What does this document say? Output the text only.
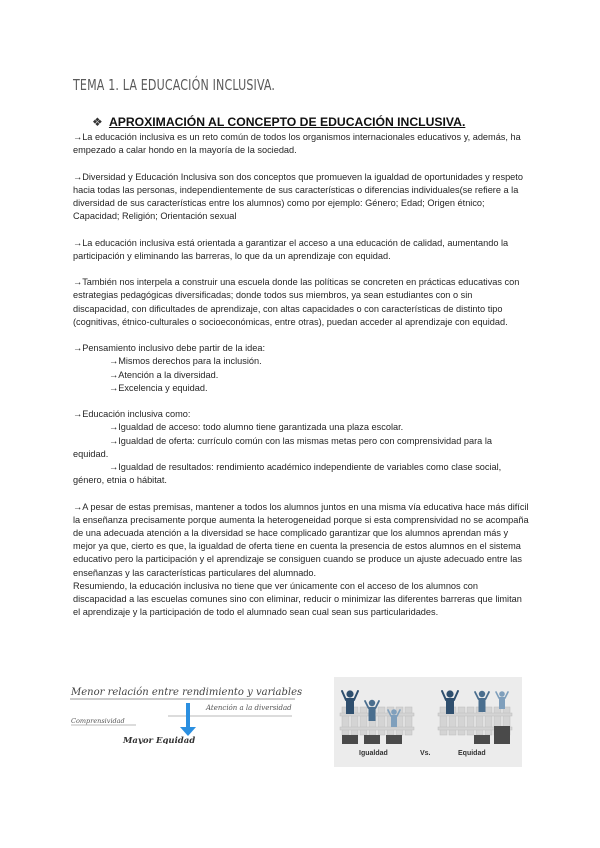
TEMA 1. LA EDUCACIÓN INCLUSIVA.
❖ APROXIMACIÓN AL CONCEPTO DE EDUCACIÓN INCLUSIVA.

→La educación inclusiva es un reto común de todos los organismos internacionales educativos y, además, ha empezado a calar hondo en la mayoría de la sociedad.

→Diversidad y Educación Inclusiva son dos conceptos que promueven la igualdad de oportunidades y respeto hacia todas las personas, independientemente de sus características o diferencias individuales(se refiere a la diversidad de sus características entre los alumnos) como por ejemplo: Género; Edad; Origen étnico; Capacidad; Religión; Orientación sexual

→La educación inclusiva está orientada a garantizar el acceso a una educación de calidad, aumentando la participación y eliminando las barreras, lo que da un aprendizaje con equidad.

→También nos interpela a construir una escuela donde las políticas se concreten en prácticas educativas con estrategias pedagógicas diversificadas; donde todos sus miembros, ya sean estudiantes con o sin discapacidad, con dificultades de aprendizaje, con altas capacidades o con características de distinto tipo (cognitivas, étnico-culturales o socioeconómicas, entre otras), puedan acceder al aprendizaje con equidad.

→Pensamiento inclusivo debe partir de la idea:

→Mismos derechos para la inclusión.

→Atención a la diversidad.

→Excelencia y equidad.

→Educación inclusiva como:

→Igualdad de acceso: todo alumno tiene garantizada una plaza escolar.

→Igualdad de oferta: currículo común con las mismas metas pero con comprensividad para la equidad.

→Igualdad de resultados: rendimiento académico independiente de variables como clase social, género, etnia o hábitat.

→A pesar de estas premisas, mantener a todos los alumnos juntos en una misma vía educativa hace más difícil la enseñanza precisamente porque aumenta la heterogeneidad porque si esta comprensividad no se acompaña de una adecuada atención a la diversidad se hace complicado garantizar que los alumnos aprendan más y mejor ya que, cierto es que, la igualdad de oferta tiene en cuenta la presencia de estos alumnos en el sistema educativo pero la participación y el aprendizaje se consiguen cuando se produce un ajuste adecuado entre las enseñanzas y las características particulares del alumnado.

Resumiendo, la educación inclusiva no tiene que ver únicamente con el acceso de los alumnos con discapacidad a las escuelas comunes sino con eliminar, reducir o minimizar las diferentes barreras que limitan el aprendizaje y la participación de todo el alumnado sean cual sean sus particularidades.

Menor relación entre rendimiento y variables
Comprensividad
Atención a la diversidad
Mayor Equidad
Igualdad	Vs.	Equidad
